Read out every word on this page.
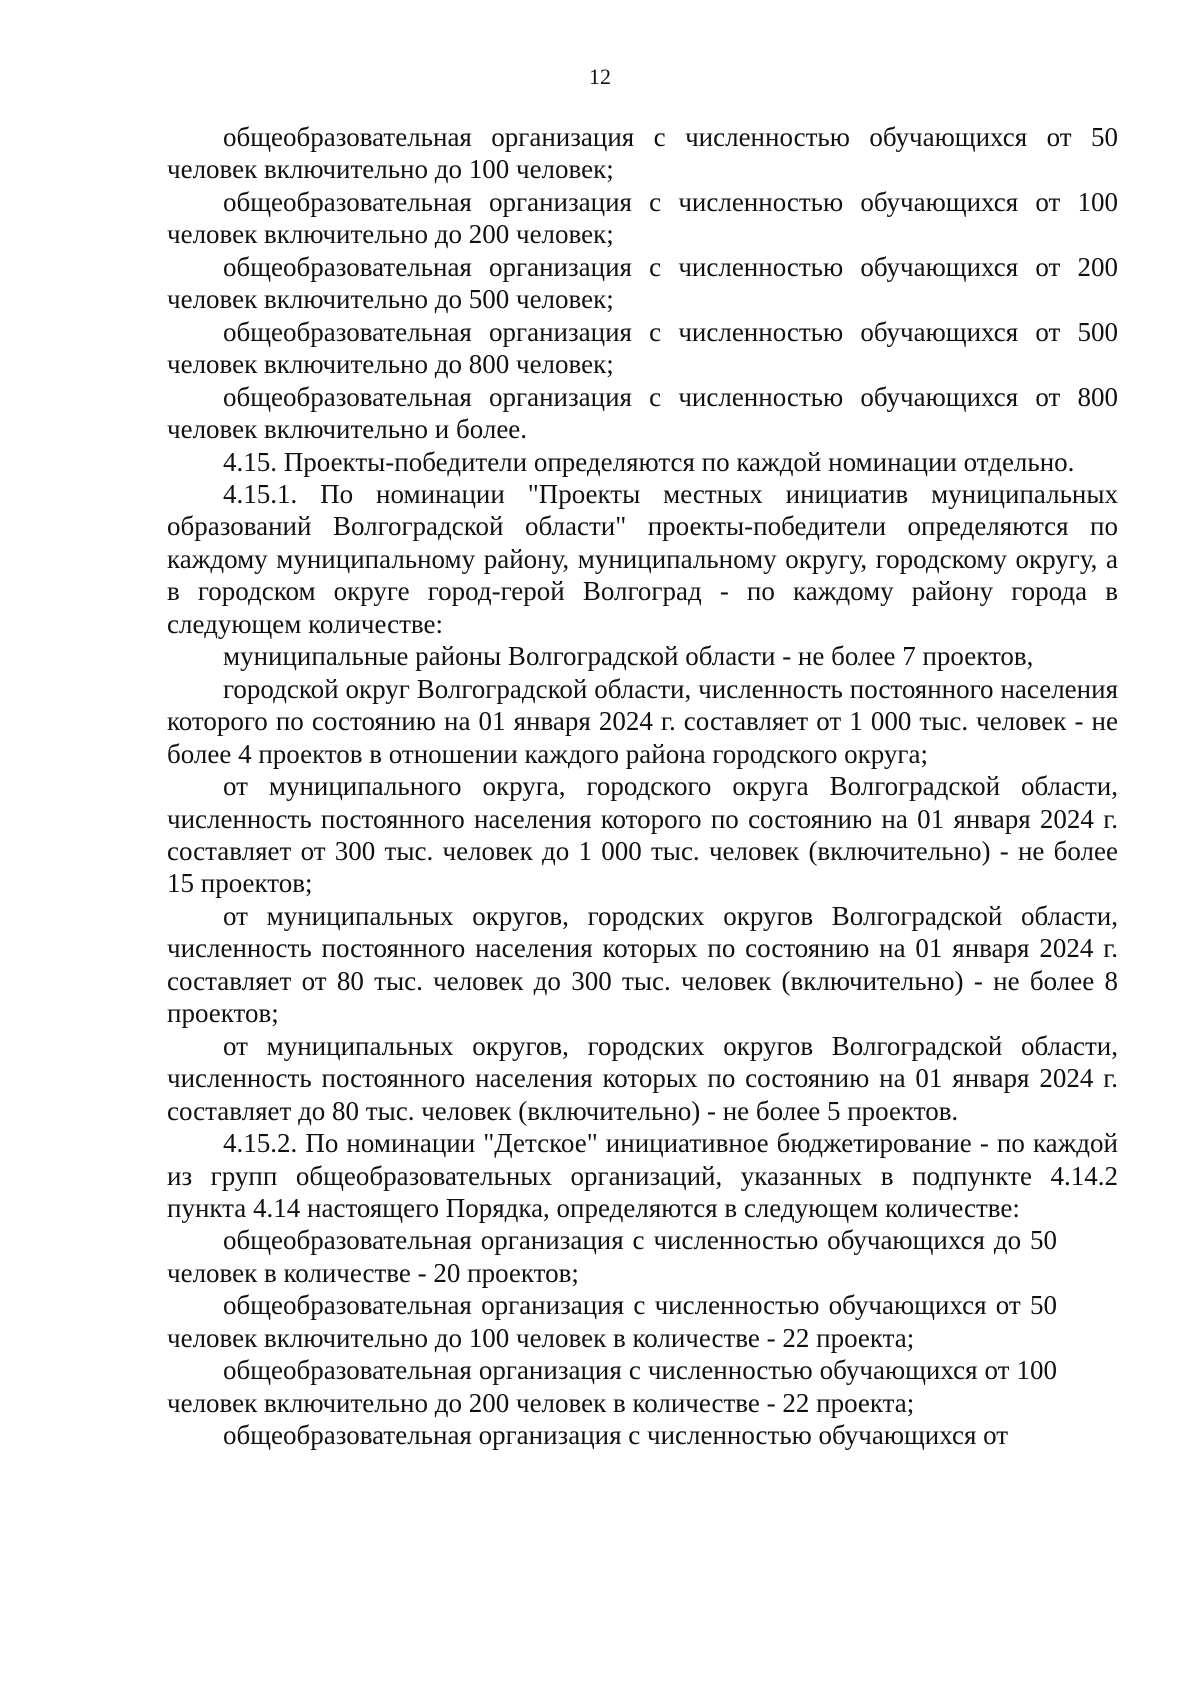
12

общеобразовательная организация с численностью обучающихся от 50 человек включительно до 100 человек;

общеобразовательная организация с численностью обучающихся от 100 человек включительно до 200 человек;

общеобразовательная организация с численностью обучающихся от 200 человек включительно до 500 человек;

общеобразовательная организация с численностью обучающихся от 500 человек включительно до 800 человек;

общеобразовательная организация с численностью обучающихся от 800 человек включительно и более.

4.15. Проекты-победители определяются по каждой номинации отдельно.

4.15.1. По номинации "Проекты местных инициатив муниципальных образований Волгоградской области" проекты-победители определяются по каждому муниципальному району, муниципальному округу, городскому округу, а в городском округе город-герой Волгоград - по каждому району города в следующем количестве:

муниципальные районы Волгоградской области - не более 7 проектов,

городской округ Волгоградской области, численность постоянного населения которого по состоянию на 01 января 2024 г. составляет от 1 000 тыс. человек - не более 4 проектов в отношении каждого района городского округа;

от муниципального округа, городского округа Волгоградской области, численность постоянного населения которого по состоянию на 01 января 2024 г. составляет от 300 тыс. человек до 1 000 тыс. человек (включительно) - не более 15 проектов;

от муниципальных округов, городских округов Волгоградской области, численность постоянного населения которых по состоянию на 01 января 2024 г. составляет от 80 тыс. человек до 300 тыс. человек (включительно) - не более 8 проектов;

от муниципальных округов, городских округов Волгоградской области, численность постоянного населения которых по состоянию на 01 января 2024 г. составляет до 80 тыс. человек (включительно) - не более 5 проектов.

4.15.2. По номинации "Детское" инициативное бюджетирование - по каждой из групп общеобразовательных организаций, указанных в подпункте 4.14.2 пункта 4.14 настоящего Порядка, определяются в следующем количестве:

общеобразовательная организация с численностью обучающихся до 50 человек в количестве - 20 проектов;

общеобразовательная организация с численностью обучающихся от 50 человек включительно до 100 человек в количестве - 22 проекта;

общеобразовательная организация с численностью обучающихся от 100 человек включительно до 200 человек в количестве - 22 проекта;

общеобразовательная организация с численностью обучающихся от
